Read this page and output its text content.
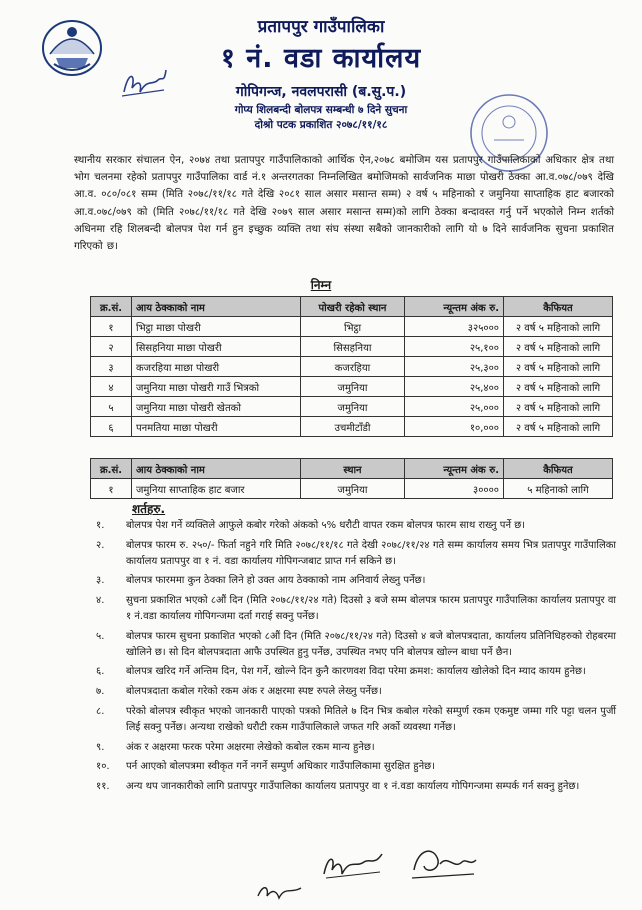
प्रतापपुर गाउँपालिका
१ नं. वडा कार्यालय
गोपिगन्ज, नवलपरासी (ब.सु.प.)
गोप्य शिलबन्दी बोलपत्र सम्बन्धी ७ दिने सुचना
दोश्रो पटक प्रकाशित २०७८/११/१८
स्थानीय सरकार संचालन ऐन, २०७४ तथा प्रतापपुर गाउँपालिकाको आर्थिक ऐन,२०७८ बमोजिम यस प्रतापपुर गाउँपालिकाको अधिकार क्षेत्र तथा भोग चलनमा रहेको प्रतापपुर गाउँपालिका वार्ड नं.१ अन्तरगतका निम्नलिखित बमोजिमको सार्वजनिक माछा पोखरी ठेक्का आ.व.०७८/०७९ देखि आ.व. ०८०/०८१ सम्म (मिति २०७८/११/१८ गते देखि २०८१ साल असार मसान्त सम्म) २ वर्ष ५ महिनाको र जमुनिया साप्ताहिक हाट बजारको आ.व.०७८/०७९ को (मिति २०७८/११/१८ गते देखि २०७९ साल असार मसान्त सम्म)को लागि ठेक्का बन्दावस्त गर्नु पर्ने भएकोले निम्न शर्तको अधिनमा रहि शिलबन्दी बोलपत्र पेश गर्न हुन इच्छुक व्यक्ति तथा संघ संस्था सबैको जानकारीको लागि यो ७ दिने सार्वजनिक सुचना प्रकाशित गरिएको छ।
निम्न
क्र.सं.	आय ठेक्काको नाम	पोखरी रहेको स्थान	न्यून्तम अंक रु.	कैफियत
१	भिट्ठा माछा पोखरी	भिट्ठा	३२५०००	२ वर्ष ५ महिनाको लागि
२	सिसहनिया माछा पोखरी	सिसहनिया	२५,१००	२ वर्ष ५ महिनाको लागि
३	कजरहिया माछा पोखरी	कजरहिया	२५,३००	२ वर्ष ५ महिनाको लागि
४	जमुनिया माछा पोखरी गाउँ भित्रको	जमुनिया	२५,४००	२ वर्ष ५ महिनाको लागि
५	जमुनिया माछा पोखरी खेतको	जमुनिया	२५,०००	२ वर्ष ५ महिनाको लागि
६	पनमतिया माछा पोखरी	उचमीटाँडी	१०,०००	२ वर्ष ५ महिनाको लागि
क्र.सं.	आय ठेक्काको नाम	स्थान	न्यून्तम अंक रु.	कैफियत
१	जमुनिया साप्ताहिक हाट बजार	जमुनिया	३००००	५ महिनाको लागि
शर्तहरु.
१.	बोलपत्र पेश गर्ने व्यक्तिले आफुले कबोर गरेको अंकको ५% धरौटी वापत रकम बोलपत्र फारम साथ राख्नु पर्ने छ।
२.	बोलपत्र फारम रु. २५०/- फिर्ता नहुने गरि मिति २०७८/११/१८ गते देखी २०७८/११/२४ गते सम्म कार्यालय समय भित्र प्रतापपुर गाउँपालिका कार्यालय प्रतापपुर वा १ नं. वडा कार्यालय गोपिगन्जबाट प्राप्त गर्न सकिने छ।
३.	बोलपत्र फारममा कुन ठेक्का लिने हो उक्त आय ठेक्काको नाम अनिवार्य लेख्नु पर्नेछ।
४.	सुचना प्रकाशित भएको ८औं दिन (मिति २०७८/११/२४ गते) दिउसो ३ बजे सम्म बोलपत्र फारम प्रतापपुर गाउँपालिका कार्यालय प्रतापपुर वा १ नं.वडा कार्यालय गोपिगन्जमा दर्ता गराई सक्नु पर्नेछ।
५.	बोलपत्र फारम सुचना प्रकाशित भएको ८औं दिन (मिति २०७८/११/२४ गते) दिउसो ४ बजे बोलपत्रदाता, कार्यालय प्रतिनिधिहरुको रोहबरमा खोलिने छ। सो दिन बोलपत्रदाता आफै उपस्थित हुनु पर्नेछ, उपस्थित नभए पनि बोलपत्र खोल्न बाधा पर्ने छैन।
६.	बोलपत्र खरिद गर्ने अन्तिम दिन, पेश गर्ने, खोल्ने दिन कुनै कारणवश विदा परेमा क्रमश: कार्यालय खोलेको दिन म्याद कायम हुनेछ।
७.	बोलपत्रदाता कबोल गरेको रकम अंक र अक्षरमा स्पष्ट रुपले लेख्नु पर्नेछ।
८.	परेको बोलपत्र स्वीकृत भएको जानकारी पाएको पत्रको मितिले ७ दिन भित्र कबोल गरेको सम्पुर्ण रकम एकमुष्ट जम्मा गरि पट्टा चलन पुर्जी लिई सक्नु पर्नेछ। अन्यथा राखेको धरौटी रकम गाउँपालिकाले जफत गरि अर्को व्यवस्था गर्नेछ।
९.	अंक र अक्षरमा फरक परेमा अक्षरमा लेखेको कबोल रकम मान्य हुनेछ।
१०.	पर्न आएको बोलपत्रमा स्वीकृत गर्ने नगर्ने सम्पुर्ण अधिकार गाउँपालिकामा सुरक्षित हुनेछ।
११.	अन्य थप जानकारीको लागि प्रतापपुर गाउँपालिका कार्यालय प्रतापपुर वा १ नं.वडा कार्यालय गोपिगन्जमा सम्पर्क गर्न सक्नु हुनेछ।
